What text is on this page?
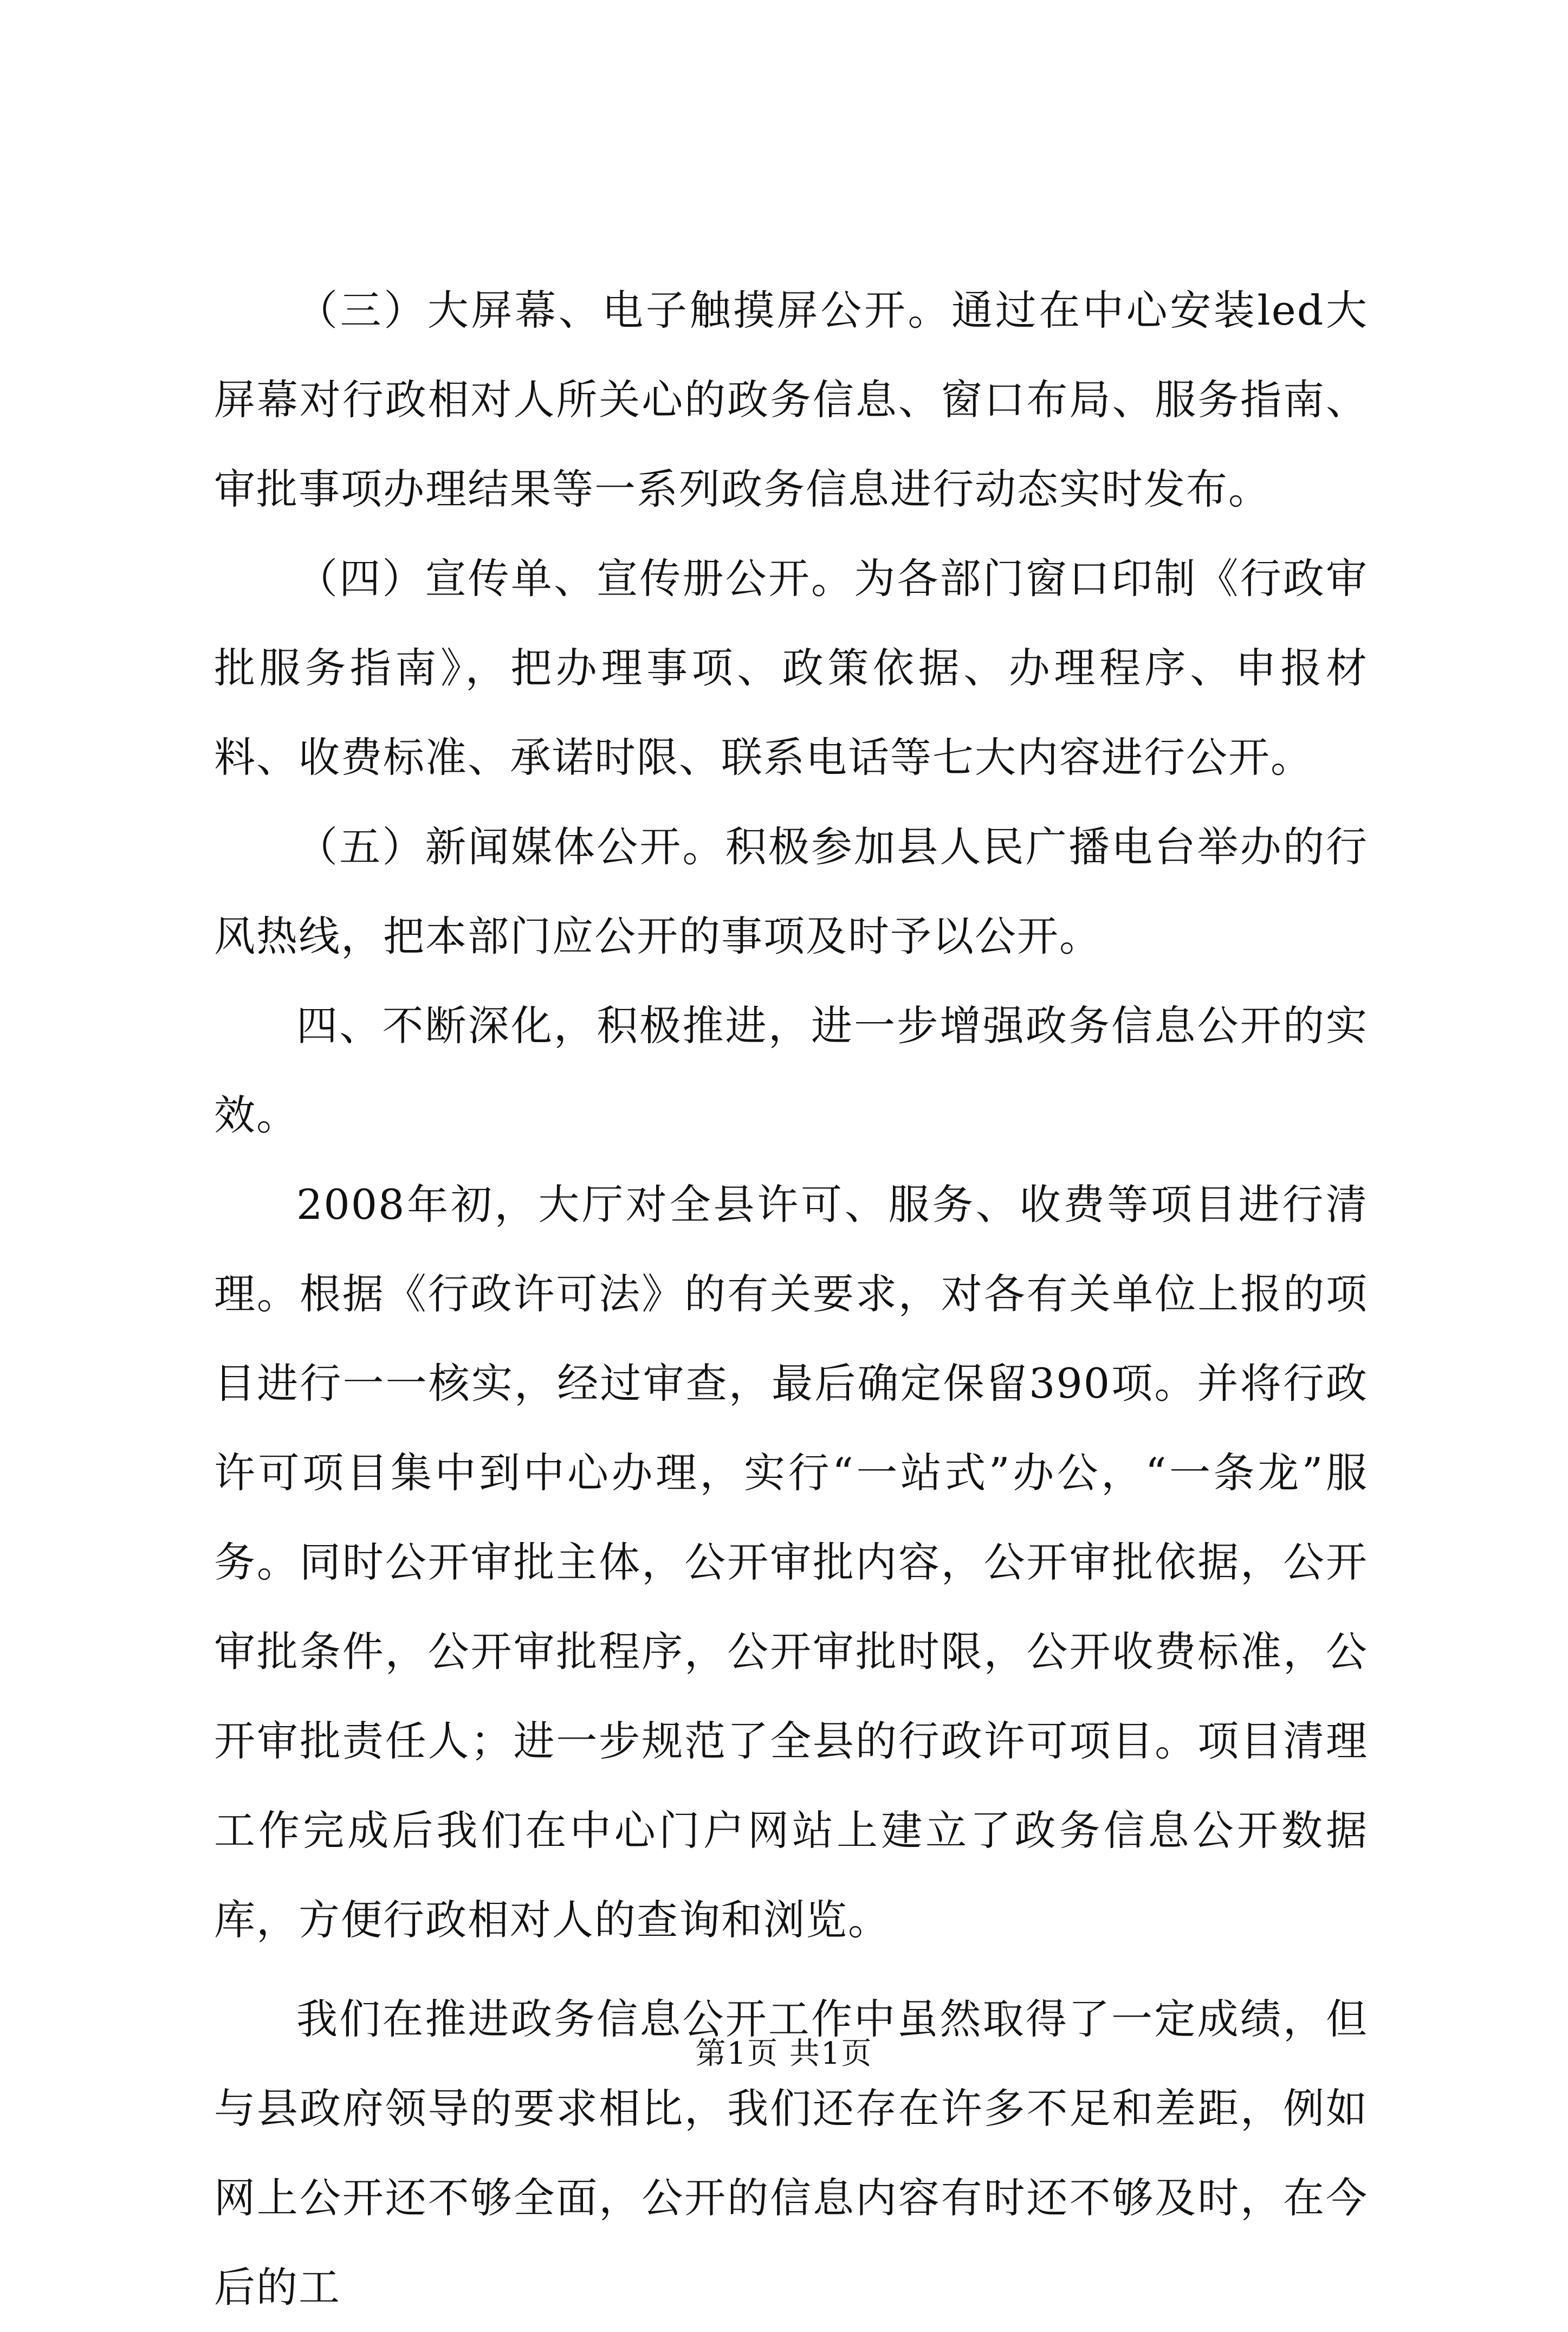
（三）大屏幕、电子触摸屏公开。通过在中心安装led大屏幕对行政相对人所关心的政务信息、窗口布局、服务指南、审批事项办理结果等一系列政务信息进行动态实时发布。

（四）宣传单、宣传册公开。为各部门窗口印制《行政审批服务指南》，把办理事项、政策依据、办理程序、申报材料、收费标准、承诺时限、联系电话等七大内容进行公开。

（五）新闻媒体公开。积极参加县人民广播电台举办的行风热线，把本部门应公开的事项及时予以公开。

四、不断深化，积极推进，进一步增强政务信息公开的实效。

2008年初，大厅对全县许可、服务、收费等项目进行清理。根据《行政许可法》的有关要求，对各有关单位上报的项目进行一一核实，经过审查，最后确定保留390项。并将行政许可项目集中到中心办理，实行“一站式”办公，“一条龙”服务。同时公开审批主体，公开审批内容，公开审批依据，公开审批条件，公开审批程序，公开审批时限，公开收费标准，公开审批责任人；进一步规范了全县的行政许可项目。项目清理工作完成后我们在中心门户网站上建立了政务信息公开数据库，方便行政相对人的查询和浏览。

我们在推进政务信息公开工作中虽然取得了一定成绩，但与县政府领导的要求相比，我们还存在许多不足和差距，例如网上公开还不够全面，公开的信息内容有时还不够及时，在今后的工

第1页 共1页
